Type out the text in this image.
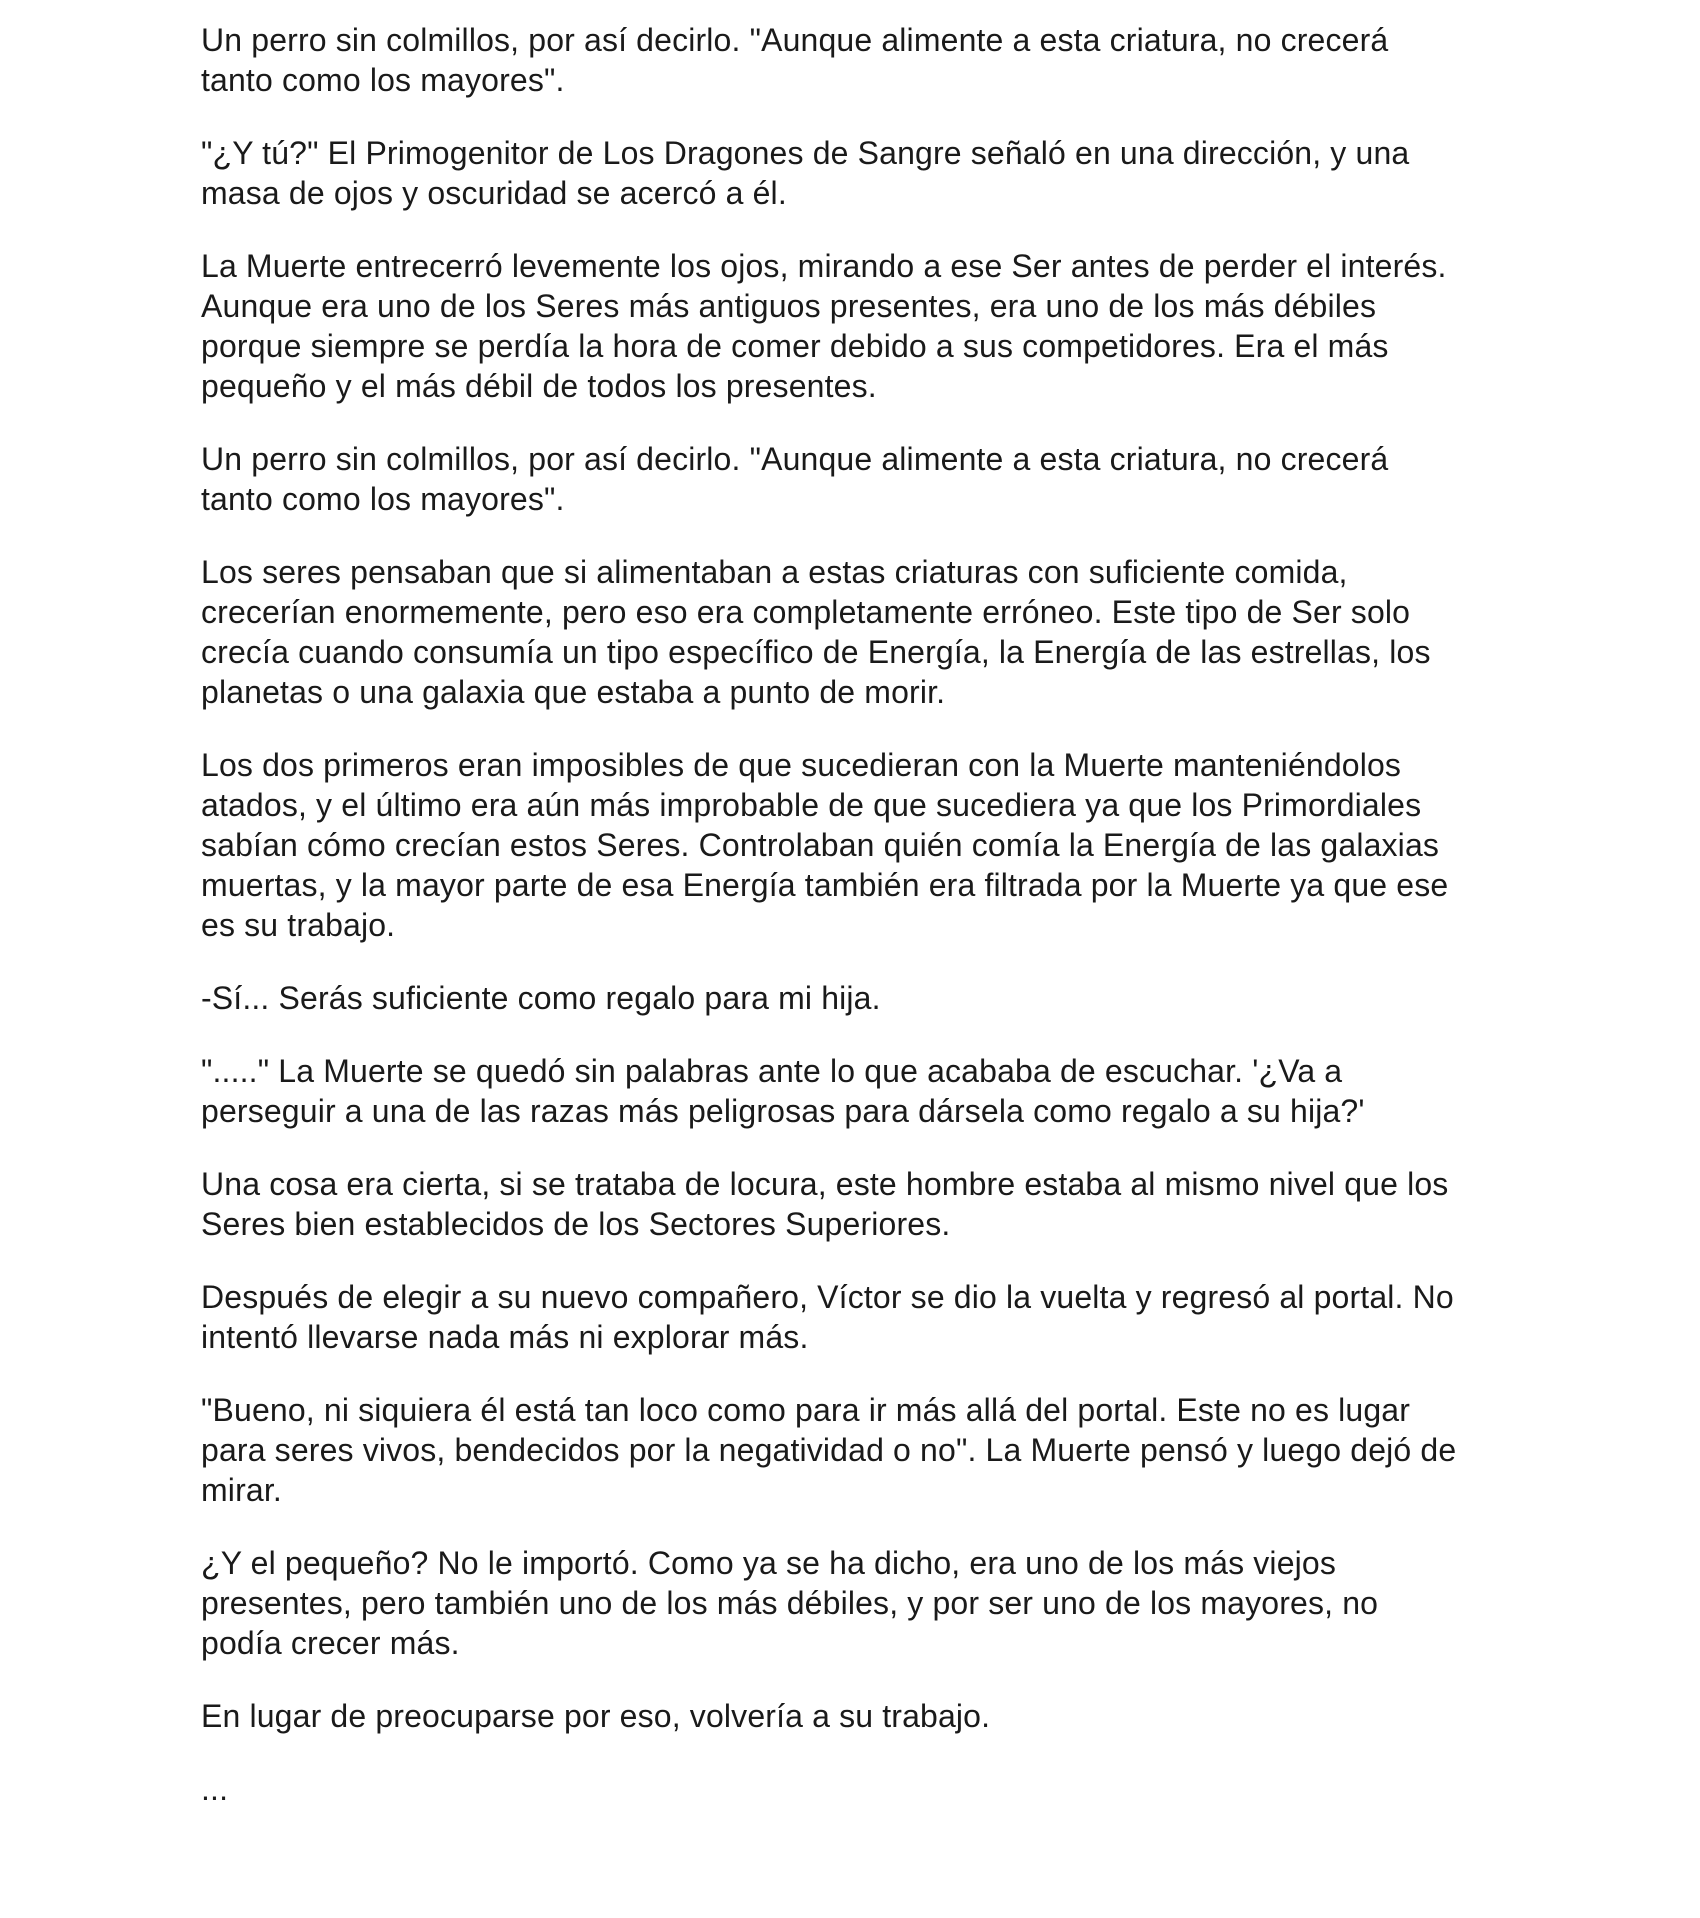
Un perro sin colmillos, por así decirlo. "Aunque alimente a esta criatura, no crecerá
tanto como los mayores".

"¿Y tú?" El Primogenitor de Los Dragones de Sangre señaló en una dirección, y una
masa de ojos y oscuridad se acercó a él.

La Muerte entrecerró levemente los ojos, mirando a ese Ser antes de perder el interés.
Aunque era uno de los Seres más antiguos presentes, era uno de los más débiles
porque siempre se perdía la hora de comer debido a sus competidores. Era el más
pequeño y el más débil de todos los presentes.

Un perro sin colmillos, por así decirlo. "Aunque alimente a esta criatura, no crecerá
tanto como los mayores".

Los seres pensaban que si alimentaban a estas criaturas con suficiente comida,
crecerían enormemente, pero eso era completamente erróneo. Este tipo de Ser solo
crecía cuando consumía un tipo específico de Energía, la Energía de las estrellas, los
planetas o una galaxia que estaba a punto de morir.

Los dos primeros eran imposibles de que sucedieran con la Muerte manteniéndolos
atados, y el último era aún más improbable de que sucediera ya que los Primordiales
sabían cómo crecían estos Seres. Controlaban quién comía la Energía de las galaxias
muertas, y la mayor parte de esa Energía también era filtrada por la Muerte ya que ese
es su trabajo.

-Sí... Serás suficiente como regalo para mi hija.

"....." La Muerte se quedó sin palabras ante lo que acababa de escuchar. '¿Va a
perseguir a una de las razas más peligrosas para dársela como regalo a su hija?'

Una cosa era cierta, si se trataba de locura, este hombre estaba al mismo nivel que los
Seres bien establecidos de los Sectores Superiores.

Después de elegir a su nuevo compañero, Víctor se dio la vuelta y regresó al portal. No
intentó llevarse nada más ni explorar más.

"Bueno, ni siquiera él está tan loco como para ir más allá del portal. Este no es lugar
para seres vivos, bendecidos por la negatividad o no". La Muerte pensó y luego dejó de
mirar.

¿Y el pequeño? No le importó. Como ya se ha dicho, era uno de los más viejos
presentes, pero también uno de los más débiles, y por ser uno de los mayores, no
podía crecer más.

En lugar de preocuparse por eso, volvería a su trabajo.

...
